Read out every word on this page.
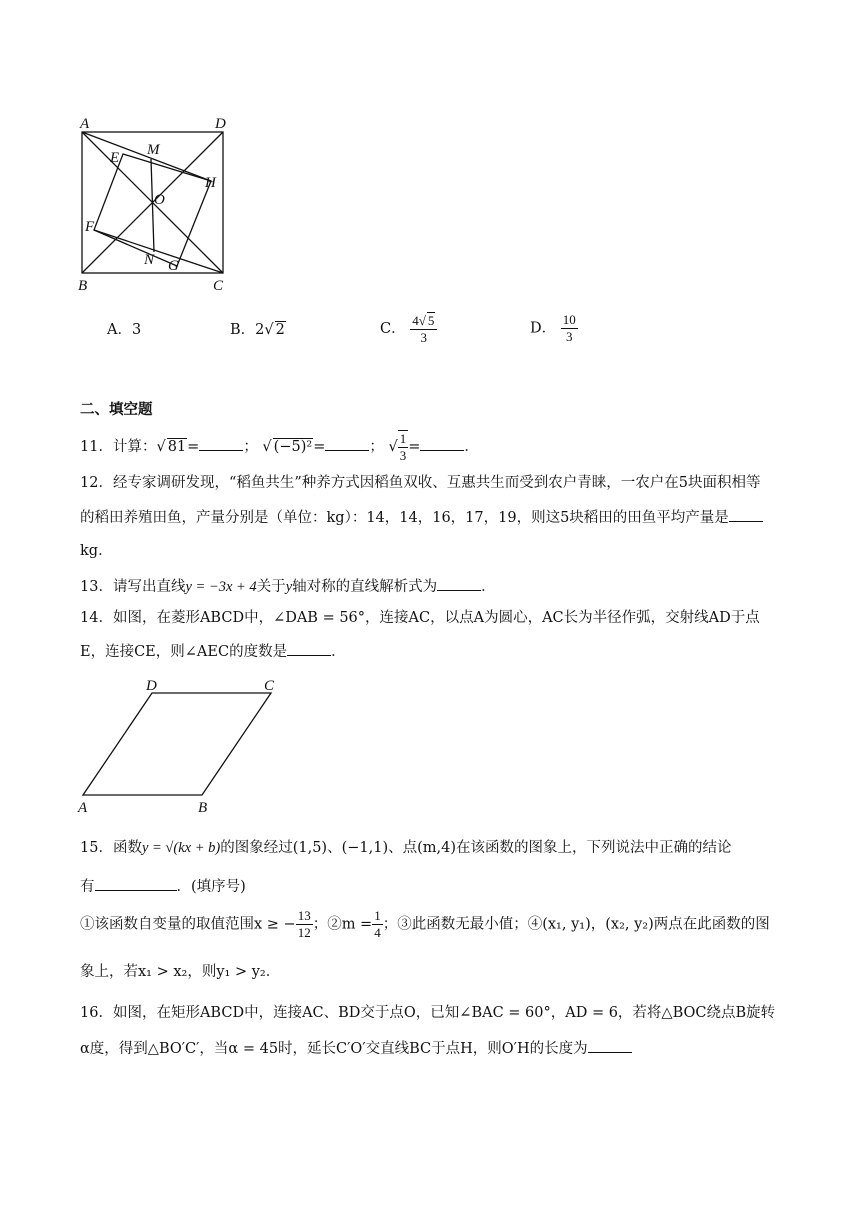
A	D
M
E
H
O
F
N G
B	C
A．3	B．2√ 2	C． $\frac{4√ 5}{3}$	D． $\frac{10}{3}$
二、填空题
11．计算：√ 81=	； √ (−5)²=	； √ $\frac{1}{3}$ =	．
12．经专家调研发现，“稻鱼共生”种养方式因稻鱼双收、互惠共生而受到农户青睐，一农户在5块面积相等
的稻田养殖田鱼，产量分别是（单位：kg）：14，14，16，17，19，则这5块稻田的田鱼平均产量是
kg．
13．请写出直线y = −3x + 4关于y轴对称的直线解析式为	．
14．如图，在菱形ABCD中，∠DAB = 56°，连接AC，以点A为圆心，AC长为半径作弧，交射线AD于点
E，连接CE，则∠AEC的度数是	．
D	C
A	B
15．函数y = √(kx + b)的图象经过(1,5)、(−1,1)、点(m,4)在该函数的图象上，下列说法中正确的结论
有	．(填序号)
①该函数自变量的取值范围x ≥ − $\frac{13}{12}$ ；②m = $\frac{1}{4}$ ；③此函数无最小值；④(x₁, y₁)，(x₂, y₂)两点在此函数的图
象上，若x₁ > x₂，则y₁ > y₂．
16．如图，在矩形ABCD中，连接AC、BD交于点O，已知∠BAC = 60°，AD = 6，若将△BOC绕点B旋转
α度，得到△BO′C′，当α = 45时，延长C′O′交直线BC于点H，则O′H的长度为
